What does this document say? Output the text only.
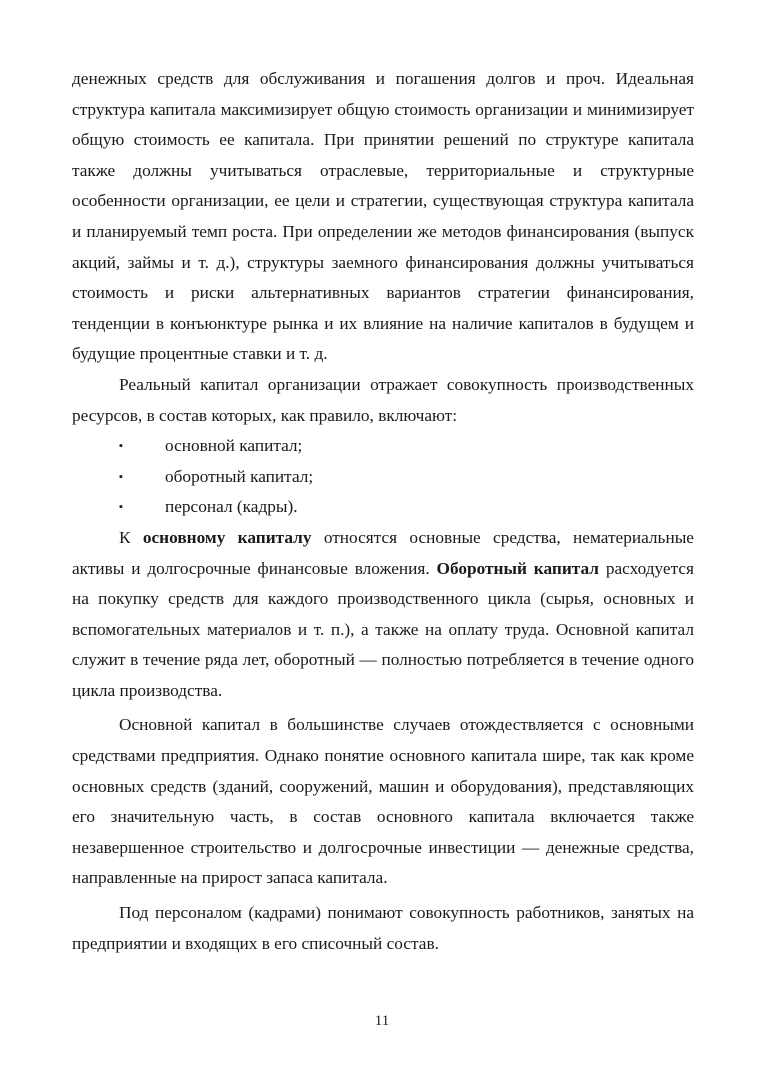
денежных средств для обслуживания и погашения долгов и проч. Идеальная структура капитала максимизирует общую стоимость организации и минимизирует общую стоимость ее капитала. При принятии решений по структуре капитала также должны учитываться отраслевые, территориальные и структурные особенности организации, ее цели и стратегии, существующая структура капитала и планируемый темп роста. При определении же методов финансирования (выпуск акций, займы и т. д.), структуры заемного финансирования должны учитываться стоимость и риски альтернативных вариантов стратегии финансирования, тенденции в конъюнктуре рынка и их влияние на наличие капиталов в будущем и будущие процентные ставки и т. д.

Реальный капитал организации отражает совокупность производственных ресурсов, в состав которых, как правило, включают:

▪ основной капитал;
▪ оборотный капитал;
▪ персонал (кадры).

К основному капиталу относятся основные средства, нематериальные активы и долгосрочные финансовые вложения. Оборотный капитал расходуется на покупку средств для каждого производственного цикла (сырья, основных и вспомогательных материалов и т. п.), а также на оплату труда. Основной капитал служит в течение ряда лет, оборотный — полностью потребляется в течение одного цикла производства.

Основной капитал в большинстве случаев отождествляется с основными средствами предприятия. Однако понятие основного капитала шире, так как кроме основных средств (зданий, сооружений, машин и оборудования), представляющих его значительную часть, в состав основного капитала включается также незавершенное строительство и долгосрочные инвестиции — денежные средства, направленные на прирост запаса капитала.

Под персоналом (кадрами) понимают совокупность работников, занятых на предприятии и входящих в его списочный состав.

11
